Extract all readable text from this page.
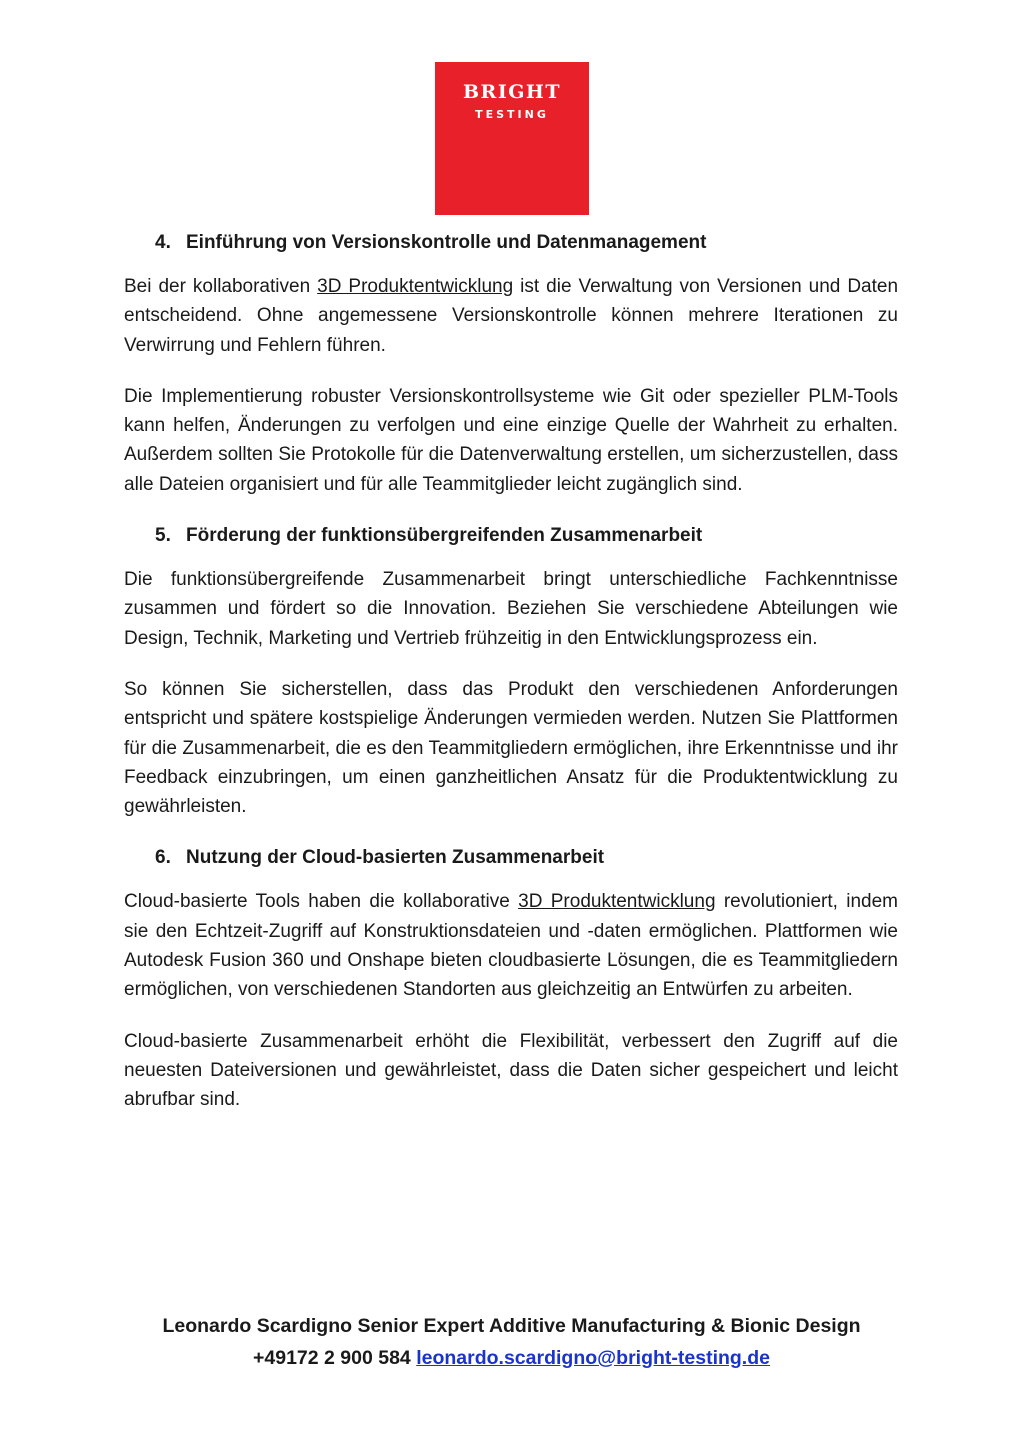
BRIGHT
TESTING
4. Einführung von Versionskontrolle und Datenmanagement

Bei der kollaborativen 3D Produktentwicklung ist die Verwaltung von Versionen und Daten entscheidend. Ohne angemessene Versionskontrolle können mehrere Iterationen zu Verwirrung und Fehlern führen.

Die Implementierung robuster Versionskontrollsysteme wie Git oder spezieller PLM-Tools kann helfen, Änderungen zu verfolgen und eine einzige Quelle der Wahrheit zu erhalten. Außerdem sollten Sie Protokolle für die Datenverwaltung erstellen, um sicherzustellen, dass alle Dateien organisiert und für alle Teammitglieder leicht zugänglich sind.

5. Förderung der funktionsübergreifenden Zusammenarbeit

Die funktionsübergreifende Zusammenarbeit bringt unterschiedliche Fachkenntnisse zusammen und fördert so die Innovation. Beziehen Sie verschiedene Abteilungen wie Design, Technik, Marketing und Vertrieb frühzeitig in den Entwicklungsprozess ein.

So können Sie sicherstellen, dass das Produkt den verschiedenen Anforderungen entspricht und spätere kostspielige Änderungen vermieden werden. Nutzen Sie Plattformen für die Zusammenarbeit, die es den Teammitgliedern ermöglichen, ihre Erkenntnisse und ihr Feedback einzubringen, um einen ganzheitlichen Ansatz für die Produktentwicklung zu gewährleisten.

6. Nutzung der Cloud-basierten Zusammenarbeit

Cloud-basierte Tools haben die kollaborative 3D Produktentwicklung revolutioniert, indem sie den Echtzeit-Zugriff auf Konstruktionsdateien und -daten ermöglichen. Plattformen wie Autodesk Fusion 360 und Onshape bieten cloudbasierte Lösungen, die es Teammitgliedern ermöglichen, von verschiedenen Standorten aus gleichzeitig an Entwürfen zu arbeiten.

Cloud-basierte Zusammenarbeit erhöht die Flexibilität, verbessert den Zugriff auf die neuesten Dateiversionen und gewährleistet, dass die Daten sicher gespeichert und leicht abrufbar sind.

Leonardo Scardigno Senior Expert Additive Manufacturing & Bionic Design
+49172 2 900 584 leonardo.scardigno@bright-testing.de
